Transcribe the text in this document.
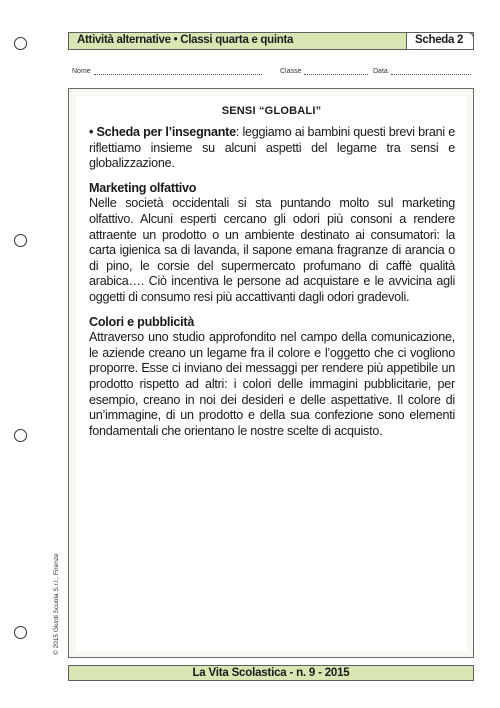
Attività alternative • Classi quarta e quinta	Scheda 2
Nome	Classe	Data
SENSI “GLOBALI”

• Scheda per l’insegnante: leggiamo ai bambini questi brevi brani e riflettiamo insieme su alcuni aspetti del legame tra sensi e globalizzazione.

Marketing olfattivo

Nelle società occidentali si sta puntando molto sul marketing olfattivo. Alcuni esperti cercano gli odori più consoni a rendere attraente un prodotto o un ambiente destinato ai consumatori: la carta igienica sa di lavanda, il sapone emana fragranze di arancia o di pino, le corsie del supermercato profumano di caffè qualità arabica…. Ciò incentiva le persone ad acquistare e le avvicina agli oggetti di consumo resi più accattivanti dagli odori gradevoli.

Colori e pubblicità

Attraverso uno studio approfondito nel campo della comunicazione, le aziende creano un legame fra il colore e l’oggetto che ci vogliono proporre. Esse ci inviano dei messaggi per rendere più appetibile un prodotto rispetto ad altri: i colori delle immagini pubblicitarie, per esempio, creano in noi dei desideri e delle aspettative. Il colore di un’immagine, di un prodotto e della sua confezione sono elementi fondamentali che orientano le nostre scelte di acquisto.

© 2015 Giunti Scuola S.r.l., Firenze
La Vita Scolastica - n. 9 - 2015
